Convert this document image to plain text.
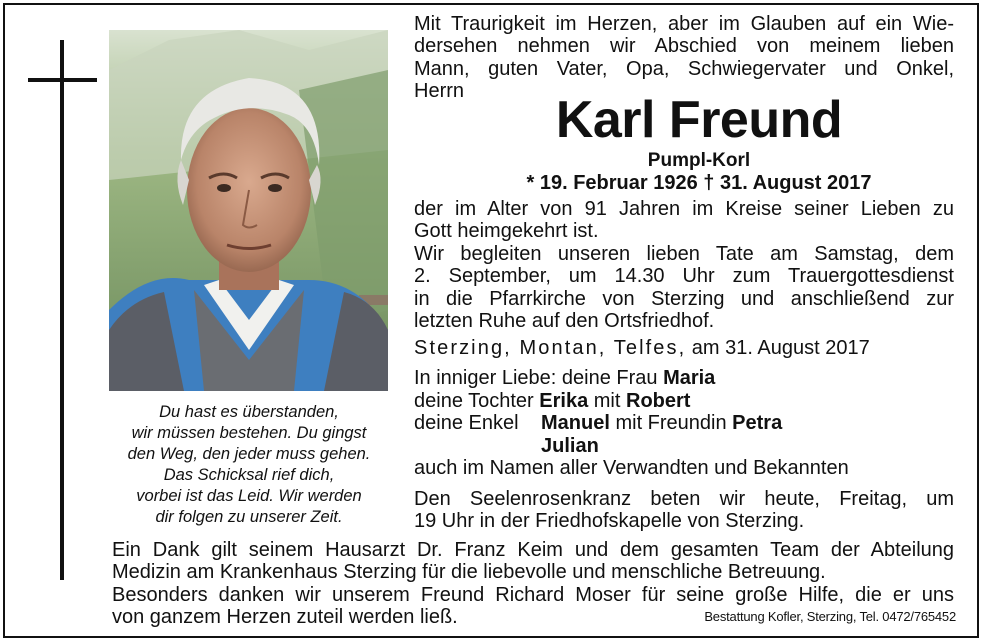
Du hast es überstanden,
wir müssen bestehen. Du gingst
den Weg, den jeder muss gehen.
Das Schicksal rief dich,
vorbei ist das Leid. Wir werden
dir folgen zu unserer Zeit.
Mit Traurigkeit im Herzen, aber im Glauben auf ein Wie-
dersehen nehmen wir Abschied von meinem lieben
Mann, guten Vater, Opa, Schwiegervater und Onkel,
Herrn	Karl Freund
Pumpl-Korl
* 19. Februar 1926 † 31. August 2017
der im Alter von 91 Jahren im Kreise seiner Lieben zu
Gott heimgekehrt ist.
Wir begleiten unseren lieben Tate am Samstag, dem
2. September, um 14.30 Uhr zum Trauergottesdienst
in die Pfarrkirche von Sterzing und anschließend zur
letzten Ruhe auf den Ortsfriedhof.
Sterzing, Montan, Telfes, am 31. August 2017
In inniger Liebe: deine Frau Maria
deine Tochter Erika mit Robert
deine Enkel Manuel mit Freundin Petra
Julian
auch im Namen aller Verwandten und Bekannten
Den Seelenrosenkranz beten wir heute, Freitag, um
19 Uhr in der Friedhofskapelle von Sterzing.
Ein Dank gilt seinem Hausarzt Dr. Franz Keim und dem gesamten Team der Abteilung
Medizin am Krankenhaus Sterzing für die liebevolle und menschliche Betreuung.
Besonders danken wir unserem Freund Richard Moser für seine große Hilfe, die er uns
von ganzem Herzen zuteil werden ließ.	Bestattung Kofler, Sterzing, Tel. 0472/765452
